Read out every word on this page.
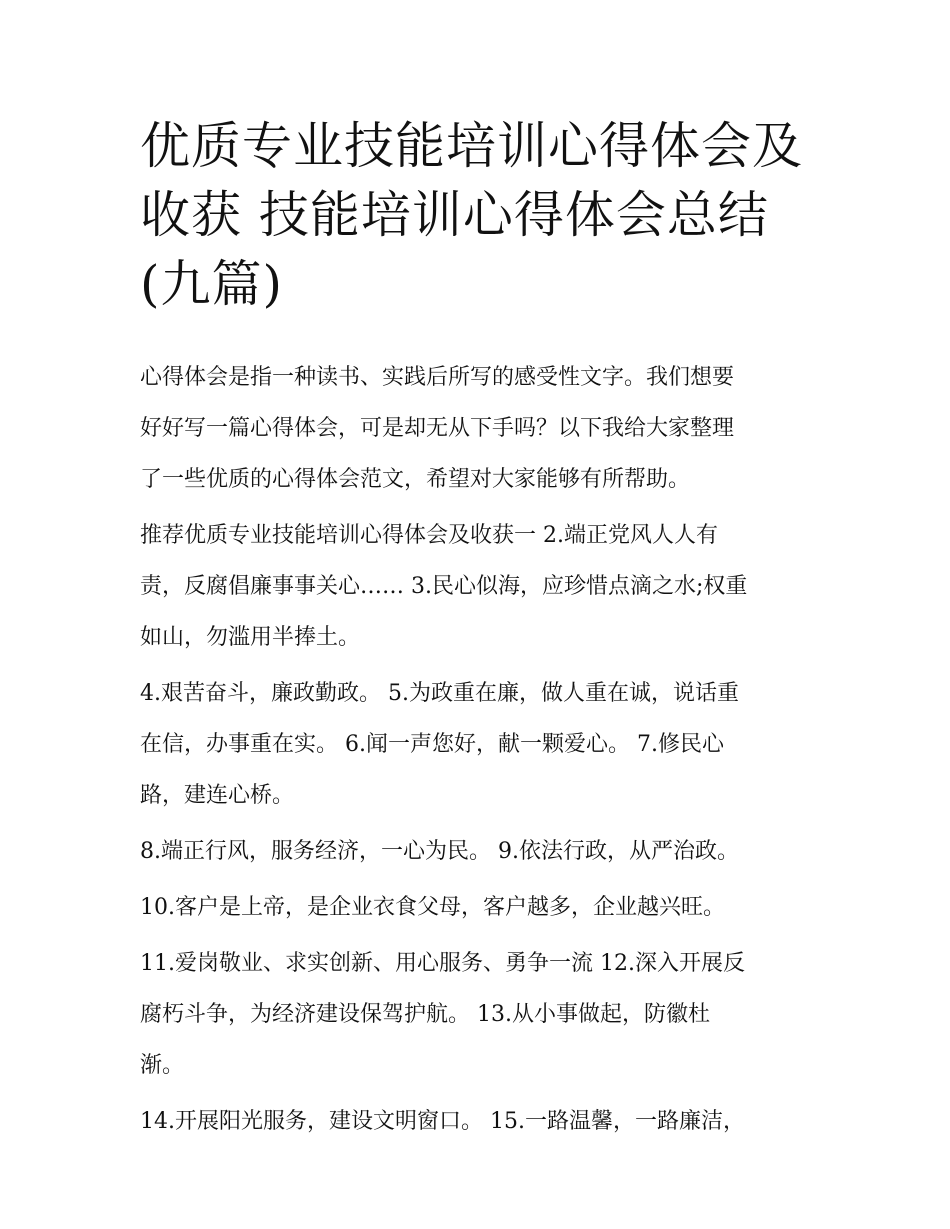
优质专业技能培训心得体会及
收获 技能培训心得体会总结
(九篇)

心得体会是指一种读书、实践后所写的感受性文字。我们想要
好好写一篇心得体会，可是却无从下手吗？以下我给大家整理
了一些优质的心得体会范文，希望对大家能够有所帮助。

推荐优质专业技能培训心得体会及收获一 2.端正党风人人有
责，反腐倡廉事事关心…… 3.民心似海，应珍惜点滴之水;权重
如山，勿滥用半捧土。

4.艰苦奋斗，廉政勤政。 5.为政重在廉，做人重在诚，说话重
在信，办事重在实。 6.闻一声您好，献一颗爱心。 7.修民心
路，建连心桥。

8.端正行风，服务经济，一心为民。 9.依法行政，从严治政。

10.客户是上帝，是企业衣食父母，客户越多，企业越兴旺。

11.爱岗敬业、求实创新、用心服务、勇争一流 12.深入开展反
腐朽斗争，为经济建设保驾护航。 13.从小事做起，防徽杜
渐。

14.开展阳光服务，建设文明窗口。 15.一路温馨，一路廉洁，
